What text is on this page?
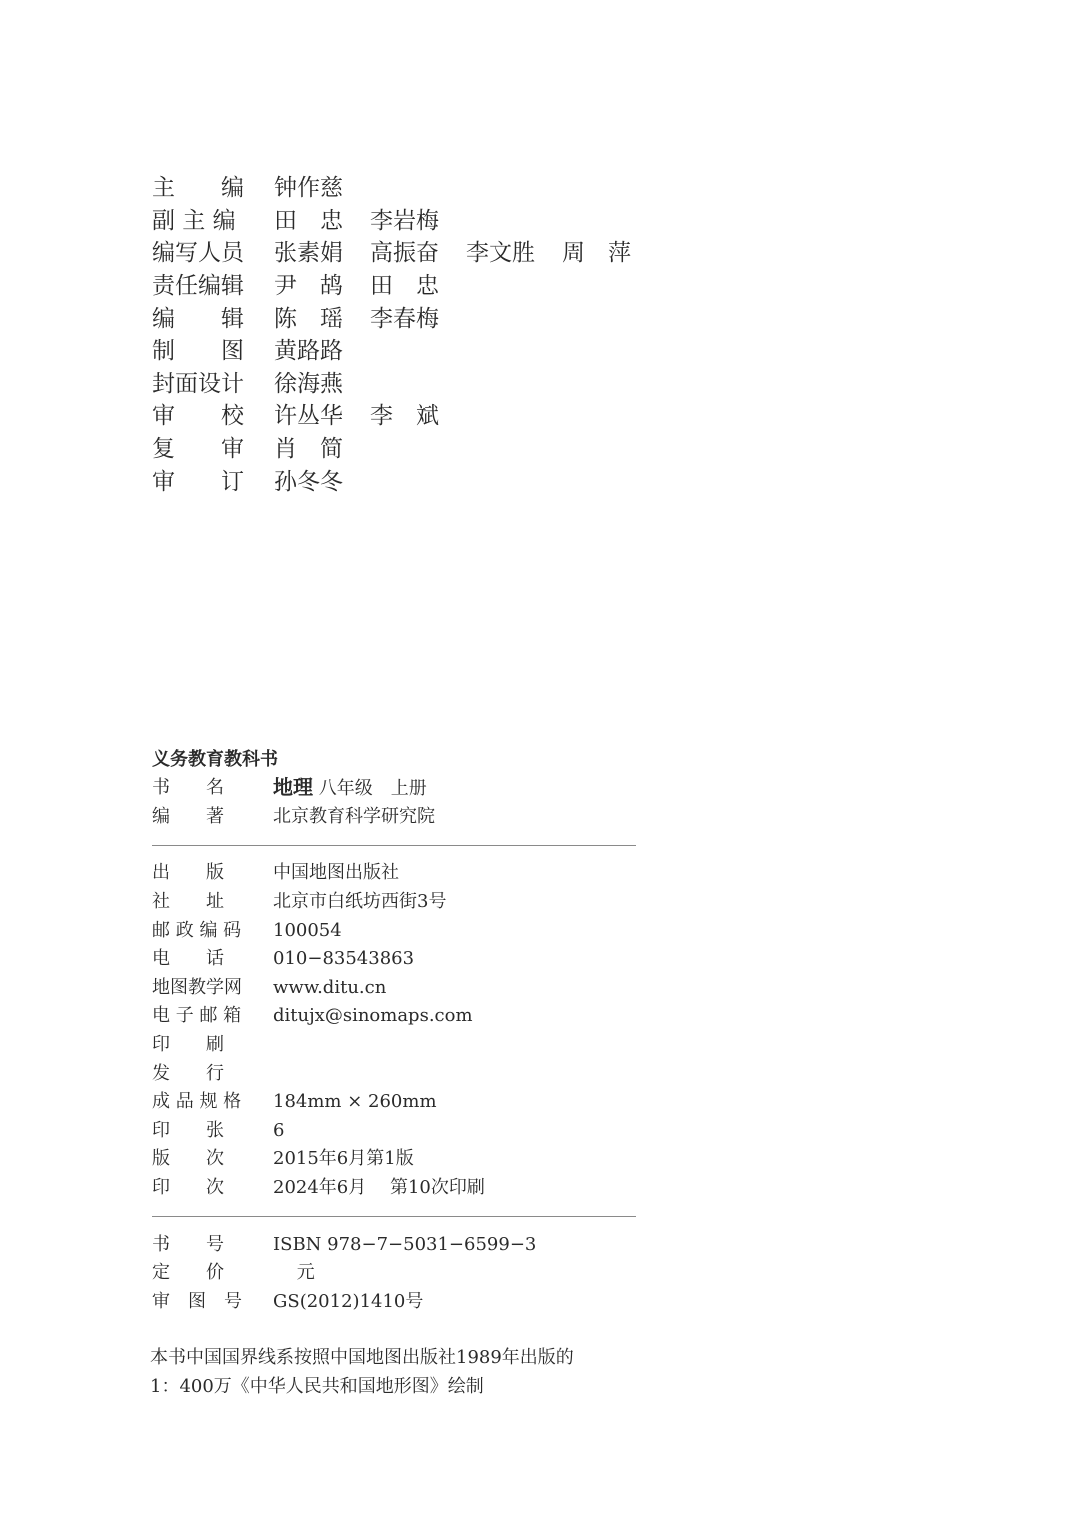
主　　编 钟作慈
副 主 编	田　忠 李岩梅
编写人员 张素娟 高振奋 李文胜 周　萍
责任编辑 尹　鸪 田　忠
编　　辑 陈　瑶 李春梅
制　　图 黄路路
封面设计 徐海燕
审　　校 许丛华 李　斌
复　　审 肖　简
审　　订 孙冬冬
义务教育教科书
书　　名	地理 八年级　上册
编　　著	北京教育科学研究院
出　　版	中国地图出版社
社　　址	北京市白纸坊西街3号
邮 政 编 码	100054
电　　话	010−83543863
地图教学网	www.ditu.cn
电 子 邮 箱	ditujx@sinomaps.com
印　　刷
发　　行
成 品 规 格	184mm × 260mm
印　　张	6
版　　次	2015年6月第1版
印　　次	2024年6月　 第10次印刷
书　　号	ISBN 978−7−5031−6599−3
定　　价	　 元
审　图　号	GS(2012)1410号
本书中国国界线系按照中国地图出版社1989年出版的
1：400万《中华人民共和国地形图》绘制
